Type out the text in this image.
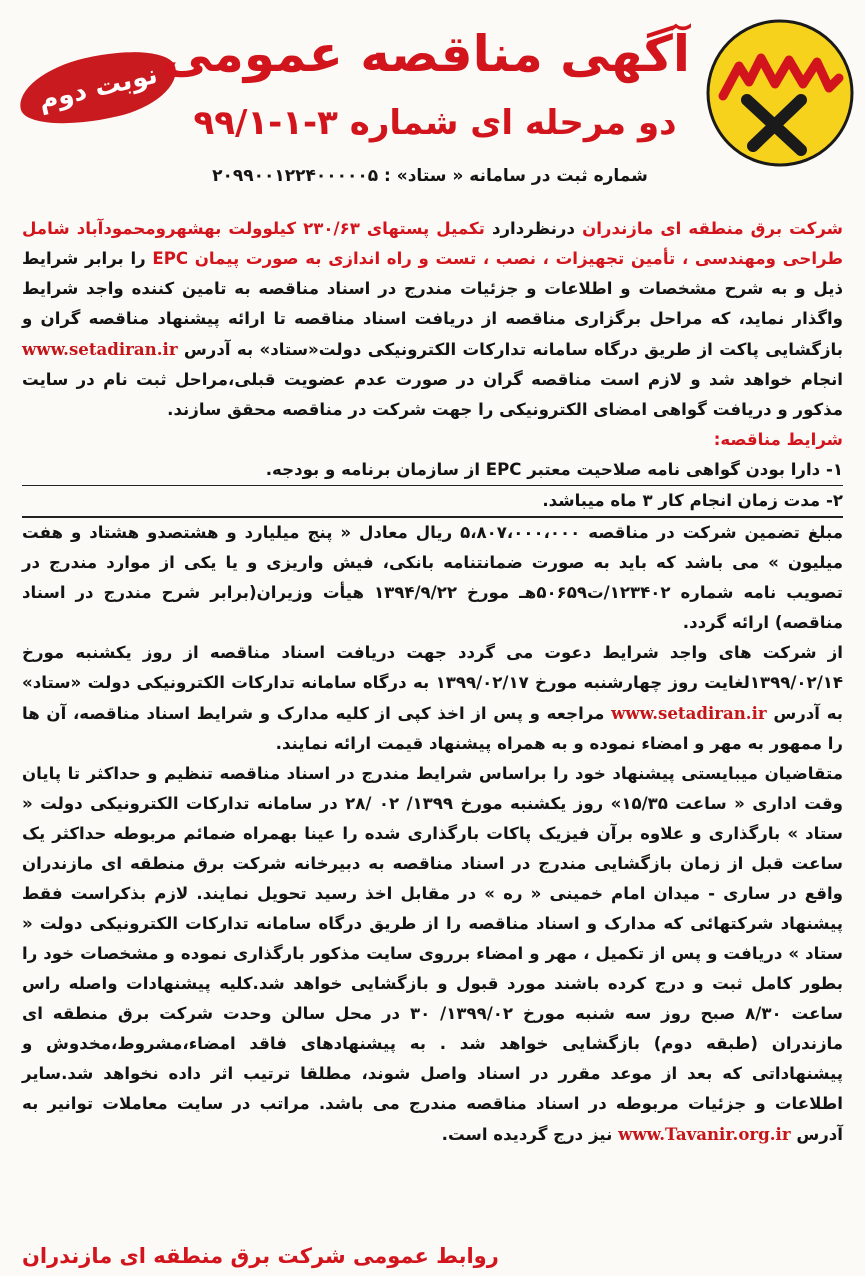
نوبت دوم
آگهی مناقصه عمومی
دو مرحله ای شماره ۳-۱-۹۹/۱
شماره ثبت در سامانه « ستاد» : ۲۰۹۹۰۰۱۲۲۴۰۰۰۰۰۵

شرکت برق منطقه ای مازندران درنظردارد تکمیل پستهای ۲۳۰/۶۳ کیلوولت بهشهرومحمودآباد شامل طراحی ومهندسی ، تأمین تجهیزات ، نصب ، تست و راه اندازی به صورت پیمان EPC را برابر شرایط ذیل و به شرح مشخصات و اطلاعات و جزئیات مندرج در اسناد مناقصه به تامین کننده واجد شرایط واگذار نماید، که مراحل برگزاری مناقصه از دریافت اسناد مناقصه تا ارائه پیشنهاد مناقصه گران و بازگشایی پاکت از طریق درگاه سامانه تدارکات الکترونیکی دولت«ستاد» به آدرس www.setadiran.ir انجام خواهد شد و لازم است مناقصه گران در صورت عدم عضویت قبلی،مراحل ثبت نام در سایت مذکور و دریافت گواهی امضای الکترونیکی را جهت شرکت در مناقصه محقق سازند.

شرایط مناقصه:

۱- دارا بودن گواهی نامه صلاحیت معتبر EPC از سازمان برنامه و بودجه.

۲- مدت زمان انجام کار ۳ ماه میباشد.

مبلغ تضمین شرکت در مناقصه ۵،۸۰۷،۰۰۰،۰۰۰ ریال معادل « پنج میلیارد و هشتصدو هشتاد و هفت میلیون » می باشد که باید به صورت ضمانتنامه بانکی، فیش واریزی و یا یکی از موارد مندرج در تصویب نامه شماره ۱۲۳۴۰۲/ت۵۰۶۵۹هـ مورخ ۱۳۹۴/۹/۲۲ هیأت وزیران(برابر شرح مندرج در اسناد مناقصه) ارائه گردد.

از شرکت های واجد شرایط دعوت می گردد جهت دریافت اسناد مناقصه از روز یکشنبه مورخ ۱۳۹۹/۰۲/۱۴لغایت روز چهارشنبه مورخ ۱۳۹۹/۰۲/۱۷ به درگاه سامانه تدارکات الکترونیکی دولت «ستاد» به آدرس www.setadiran.ir مراجعه و پس از اخذ کپی از کلیه مدارک و شرایط اسناد مناقصه، آن ها را ممهور به مهر و امضاء نموده و به همراه پیشنهاد قیمت ارائه نمایند.

متقاضیان میبایستی پیشنهاد خود را براساس شرایط مندرج در اسناد مناقصه تنظیم و حداکثر تا پایان وقت اداری « ساعت ۱۵/۳۵» روز یکشنبه مورخ ۱۳۹۹/ ۰۲ /۲۸ در سامانه تدارکات الکترونیکی دولت « ستاد » بارگذاری و علاوه برآن فیزیک پاکات بارگذاری شده را عینا بهمراه ضمائم مربوطه حداکثر یک ساعت قبل از زمان بازگشایی مندرج در اسناد مناقصه به دبیرخانه شرکت برق منطقه ای مازندران واقع در ساری - میدان امام خمینی « ره » در مقابل اخذ رسید تحویل نمایند. لازم بذکراست فقط پیشنهاد شرکتهائی که مدارک و اسناد مناقصه را از طریق درگاه سامانه تدارکات الکترونیکی دولت « ستاد » دریافت و پس از تکمیل ، مهر و امضاء برروی سایت مذکور بارگذاری نموده و مشخصات خود را بطور کامل ثبت و درج کرده باشند مورد قبول و بازگشایی خواهد شد.کلیه پیشنهادات واصله راس ساعت ۸/۳۰ صبح روز سه شنبه مورخ ۱۳۹۹/۰۲/ ۳۰ در محل سالن وحدت شرکت برق منطقه ای مازندران (طبقه دوم) بازگشایی خواهد شد . به پیشنهادهای فاقد امضاء،مشروط،مخدوش و پیشنهاداتی که بعد از موعد مقرر در اسناد واصل شوند، مطلقا ترتیب اثر داده نخواهد شد.سایر اطلاعات و جزئیات مربوطه در اسناد مناقصه مندرج می باشد. مراتب در سایت معاملات توانیر به آدرس www.Tavanir.org.ir نیز درج گردیده است.

روابط عمومی شرکت برق منطقه ای مازندران
